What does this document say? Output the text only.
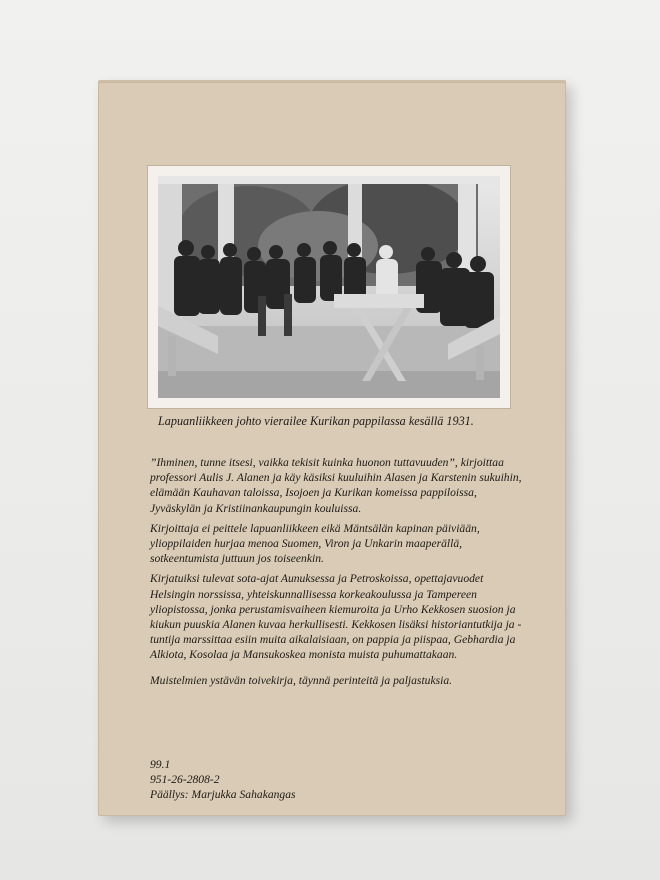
Lapuanliikkeen johto vierailee Kurikan pappilassa kesällä 1931.

”Ihminen, tunne itsesi, vaikka tekisit kuinka huonon tuttavuuden”, kirjoittaa professori Aulis J. Alanen ja käy käsiksi kuuluihin Alasen ja Karstenin sukuihin, elämään Kauhavan taloissa, Isojoen ja Kurikan komeissa pappiloissa, Jyväskylän ja Kristiinankaupungin kouluissa.

Kirjoittaja ei peittele lapuanliikkeen eikä Mäntsälän kapinan päiviään, ylioppilaiden hurjaa menoa Suomen, Viron ja Unkarin maaperällä, sotkeentumista juttuun jos toiseenkin.

Kirjatuiksi tulevat sota-ajat Aunuksessa ja Petroskoissa, opettajavuodet Helsingin norssissa, yhteiskunnallisessa korkeakoulussa ja Tampereen yliopistossa, jonka perustamisvaiheen kiemuroita ja Urho Kekkosen suosion ja kiukun puuskia Alanen kuvaa herkullisesti. Kekkosen lisäksi historiantutkija ja -tuntija marssittaa esiin muita aikalaisiaan, on pappia ja piispaa, Gebhardia ja Alkiota, Kosolaa ja Mansukoskea monista muista puhumattakaan.

Muistelmien ystävän toivekirja, täynnä perinteitä ja paljastuksia.

99.1
951-26-2808-2
Päällys: Marjukka Sahakangas
